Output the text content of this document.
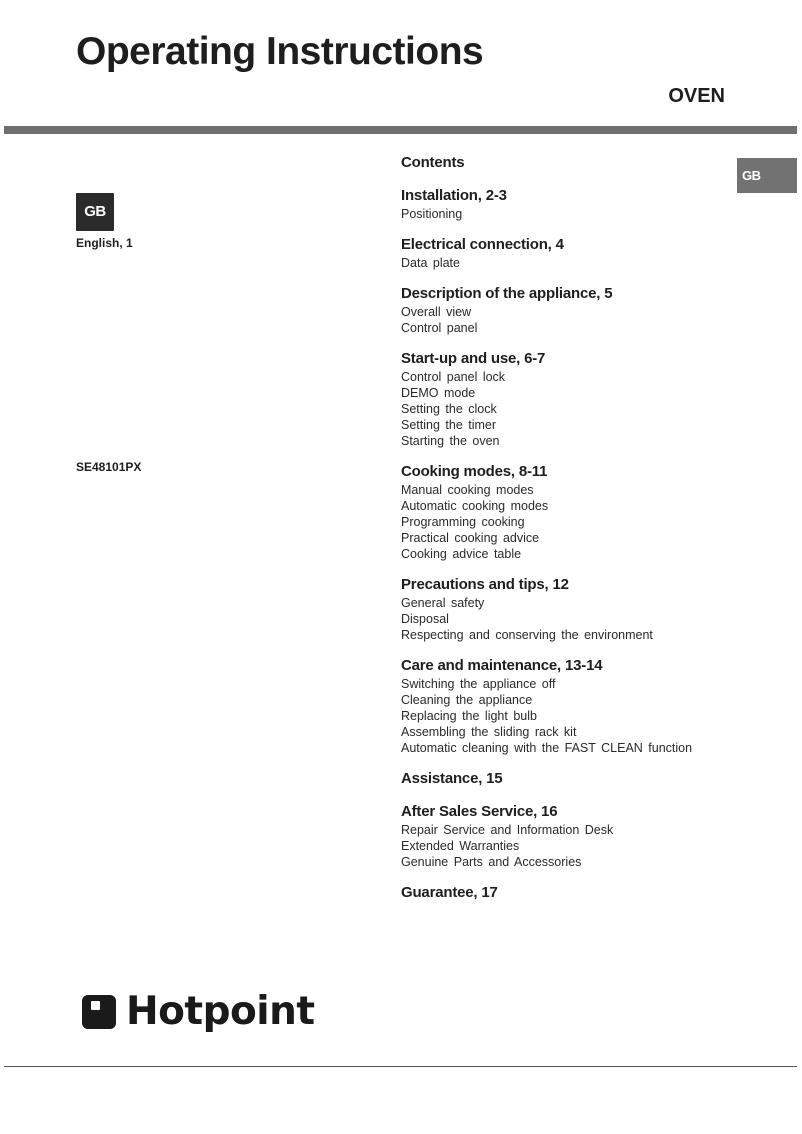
Operating Instructions
OVEN
GB
GB
English, 1
SE48101PX
Contents
Installation, 2-3
Positioning
Electrical connection, 4
Data plate
Description of the appliance, 5
Overall view
Control panel
Start-up and use, 6-7
Control panel lock
DEMO mode
Setting the clock
Setting the timer
Starting the oven
Cooking modes, 8-11
Manual cooking modes
Automatic cooking modes
Programming cooking
Practical cooking advice
Cooking advice table
Precautions and tips, 12
General safety
Disposal
Respecting and conserving the environment
Care and maintenance, 13-14
Switching the appliance off
Cleaning the appliance
Replacing the light bulb
Assembling the sliding rack kit
Automatic cleaning with the FAST CLEAN function
Assistance, 15
After Sales Service, 16
Repair Service and Information Desk
Extended Warranties
Genuine Parts and Accessories
Guarantee, 17
Hotpoint
